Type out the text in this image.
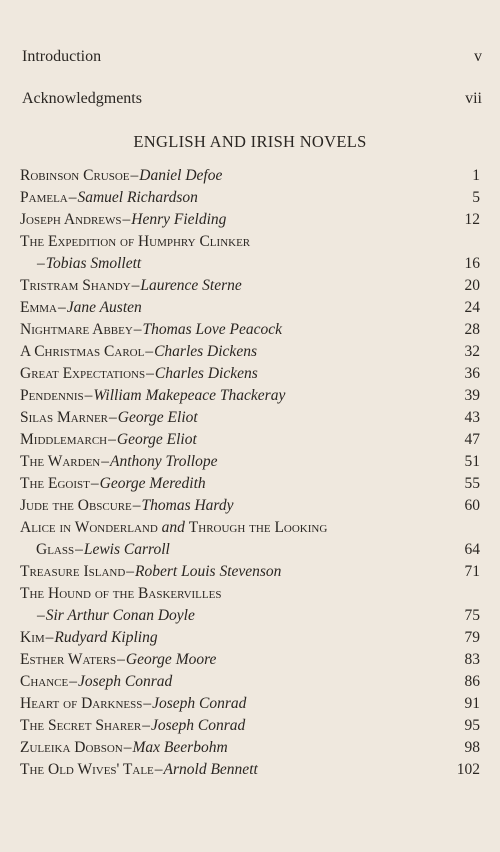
Introduction	v
Acknowledgments	vii
ENGLISH AND IRISH NOVELS
Robinson Crusoe–Daniel Defoe	1
Pamela–Samuel Richardson	5
Joseph Andrews–Henry Fielding	12
The Expedition of Humphry Clinker
–Tobias Smollett	16
Tristram Shandy–Laurence Sterne	20
Emma–Jane Austen	24
Nightmare Abbey–Thomas Love Peacock	28
A Christmas Carol–Charles Dickens	32
Great Expectations–Charles Dickens	36
Pendennis–William Makepeace Thackeray	39
Silas Marner–George Eliot	43
Middlemarch–George Eliot	47
The Warden–Anthony Trollope	51
The Egoist–George Meredith	55
Jude the Obscure–Thomas Hardy	60
Alice in Wonderland and Through the Looking
Glass–Lewis Carroll	64
Treasure Island–Robert Louis Stevenson	71
The Hound of the Baskervilles
–Sir Arthur Conan Doyle	75
Kim–Rudyard Kipling	79
Esther Waters–George Moore	83
Chance–Joseph Conrad	86
Heart of Darkness–Joseph Conrad	91
The Secret Sharer–Joseph Conrad	95
Zuleika Dobson–Max Beerbohm	98
The Old Wives' Tale–Arnold Bennett	102
